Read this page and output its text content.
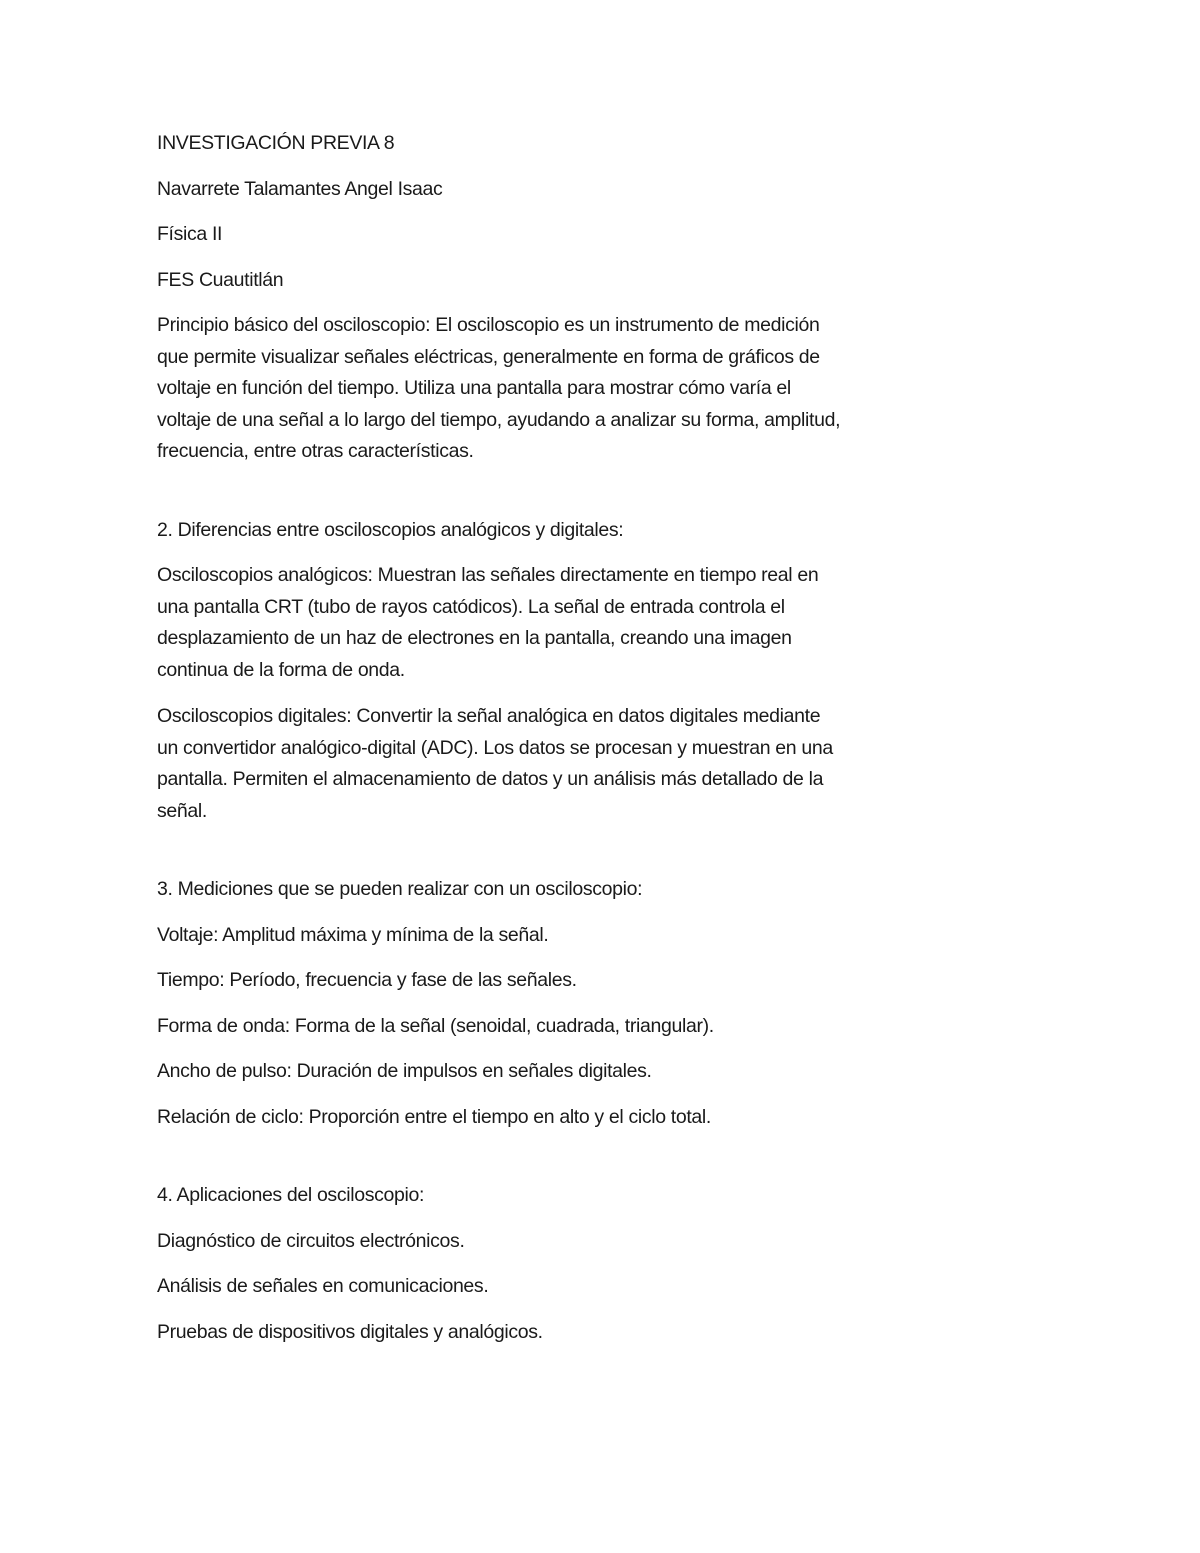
INVESTIGACIÓN PREVIA 8
Navarrete Talamantes Angel Isaac
Física II
FES Cuautitlán
Principio básico del osciloscopio: El osciloscopio es un instrumento de medición
que permite visualizar señales eléctricas, generalmente en forma de gráficos de
voltaje en función del tiempo. Utiliza una pantalla para mostrar cómo varía el
voltaje de una señal a lo largo del tiempo, ayudando a analizar su forma, amplitud,
frecuencia, entre otras características.
2. Diferencias entre osciloscopios analógicos y digitales:
Osciloscopios analógicos: Muestran las señales directamente en tiempo real en
una pantalla CRT (tubo de rayos catódicos). La señal de entrada controla el
desplazamiento de un haz de electrones en la pantalla, creando una imagen
continua de la forma de onda.
Osciloscopios digitales: Convertir la señal analógica en datos digitales mediante
un convertidor analógico-digital (ADC). Los datos se procesan y muestran en una
pantalla. Permiten el almacenamiento de datos y un análisis más detallado de la
señal.
3. Mediciones que se pueden realizar con un osciloscopio:
Voltaje: Amplitud máxima y mínima de la señal.
Tiempo: Período, frecuencia y fase de las señales.
Forma de onda: Forma de la señal (senoidal, cuadrada, triangular).
Ancho de pulso: Duración de impulsos en señales digitales.
Relación de ciclo: Proporción entre el tiempo en alto y el ciclo total.
4. Aplicaciones del osciloscopio:
Diagnóstico de circuitos electrónicos.
Análisis de señales en comunicaciones.
Pruebas de dispositivos digitales y analógicos.
